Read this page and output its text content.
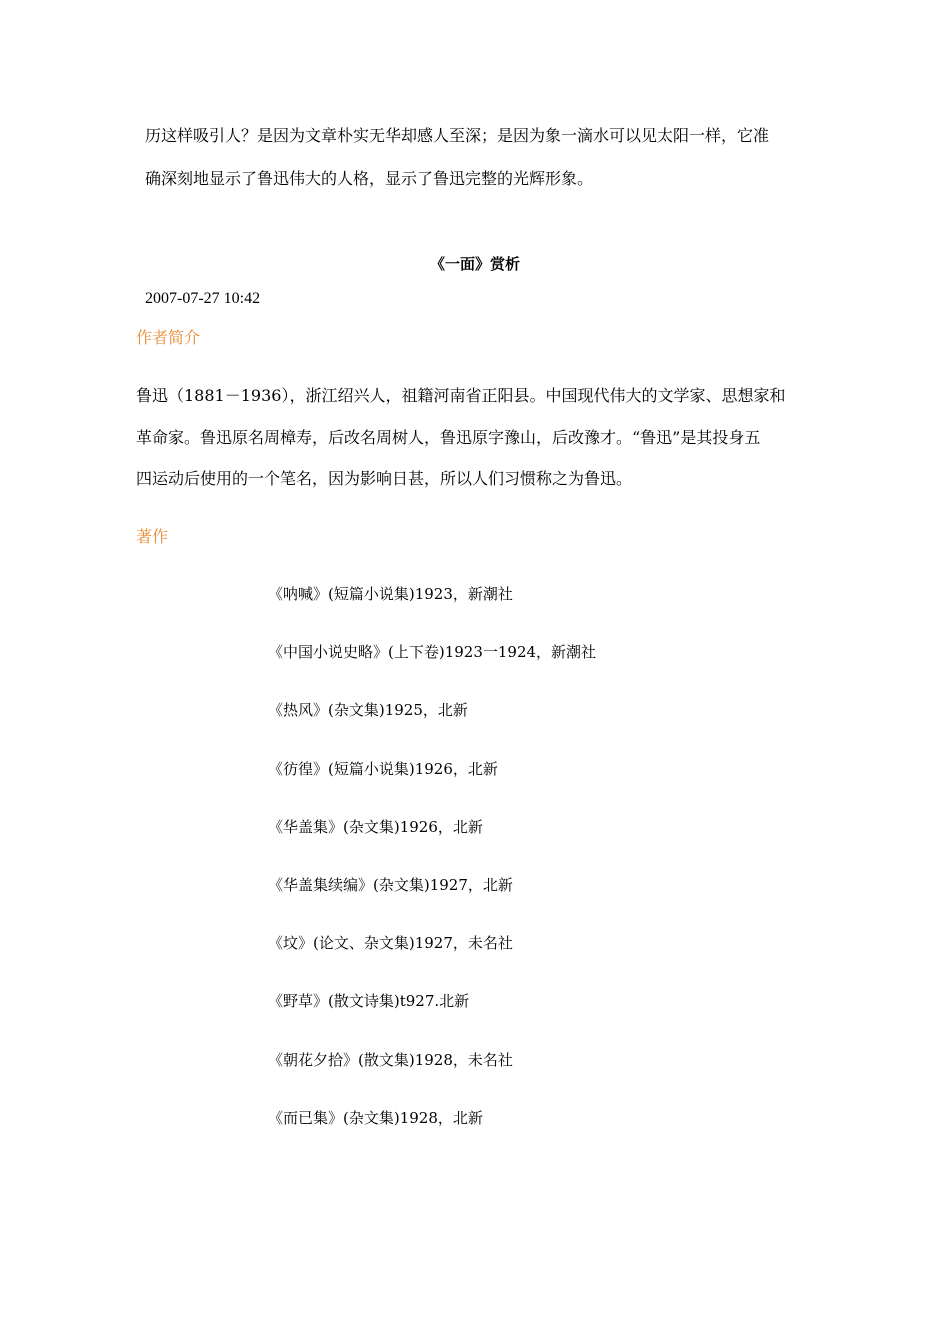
历这样吸引人？是因为文章朴实无华却感人至深；是因为象一滴水可以见太阳一样，它准
确深刻地显示了鲁迅伟大的人格，显示了鲁迅完整的光辉形象。
《一面》赏析
2007-07-27 10:42
作者简介
鲁迅（1881－1936），浙江绍兴人，祖籍河南省正阳县。中国现代伟大的文学家、思想家和
革命家。鲁迅原名周樟寿，后改名周树人，鲁迅原字豫山，后改豫才。“鲁迅”是其投身五
四运动后使用的一个笔名，因为影响日甚，所以人们习惯称之为鲁迅。
著作
《呐喊》(短篇小说集)1923，新潮社
《中国小说史略》(上下卷)1923一1924，新潮社
《热风》(杂文集)1925，北新
《彷徨》(短篇小说集)1926，北新
《华盖集》(杂文集)1926，北新
《华盖集续编》(杂文集)1927，北新
《坟》(论文、杂文集)1927，未名社
《野草》(散文诗集)t927.北新
《朝花夕拾》(散文集)1928，未名社
《而已集》(杂文集)1928，北新
